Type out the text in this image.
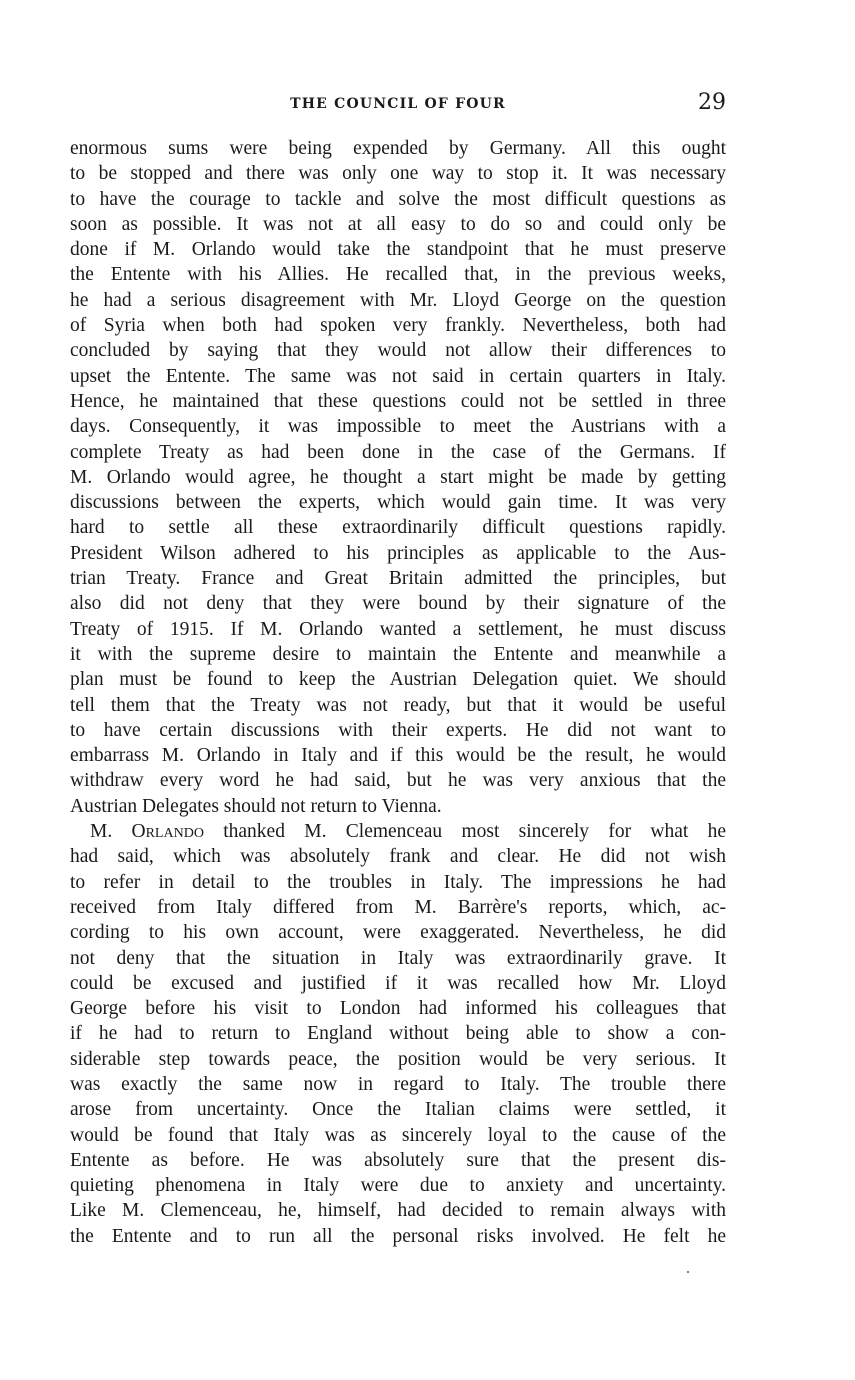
THE COUNCIL OF FOUR	29
enormous sums were being expended by Germany. All this ought
to be stopped and there was only one way to stop it. It was necessary
to have the courage to tackle and solve the most difficult questions as
soon as possible. It was not at all easy to do so and could only be
done if M. Orlando would take the standpoint that he must preserve
the Entente with his Allies. He recalled that, in the previous weeks,
he had a serious disagreement with Mr. Lloyd George on the question
of Syria when both had spoken very frankly. Nevertheless, both had
concluded by saying that they would not allow their differences to
upset the Entente. The same was not said in certain quarters in Italy.
Hence, he maintained that these questions could not be settled in three
days. Consequently, it was impossible to meet the Austrians with a
complete Treaty as had been done in the case of the Germans. If
M. Orlando would agree, he thought a start might be made by getting
discussions between the experts, which would gain time. It was very
hard to settle all these extraordinarily difficult questions rapidly.
President Wilson adhered to his principles as applicable to the Aus-
trian Treaty. France and Great Britain admitted the principles, but
also did not deny that they were bound by their signature of the
Treaty of 1915. If M. Orlando wanted a settlement, he must discuss
it with the supreme desire to maintain the Entente and meanwhile a
plan must be found to keep the Austrian Delegation quiet. We should
tell them that the Treaty was not ready, but that it would be useful
to have certain discussions with their experts. He did not want to
embarrass M. Orlando in Italy and if this would be the result, he would
withdraw every word he had said, but he was very anxious that the
Austrian Delegates should not return to Vienna.
M. Orlando thanked M. Clemenceau most sincerely for what he
had said, which was absolutely frank and clear. He did not wish
to refer in detail to the troubles in Italy. The impressions he had
received from Italy differed from M. Barrère's reports, which, ac-
cording to his own account, were exaggerated. Nevertheless, he did
not deny that the situation in Italy was extraordinarily grave. It
could be excused and justified if it was recalled how Mr. Lloyd
George before his visit to London had informed his colleagues that
if he had to return to England without being able to show a con-
siderable step towards peace, the position would be very serious. It
was exactly the same now in regard to Italy. The trouble there
arose from uncertainty. Once the Italian claims were settled, it
would be found that Italy was as sincerely loyal to the cause of the
Entente as before. He was absolutely sure that the present dis-
quieting phenomena in Italy were due to anxiety and uncertainty.
Like M. Clemenceau, he, himself, had decided to remain always with
the Entente and to run all the personal risks involved. He felt he
